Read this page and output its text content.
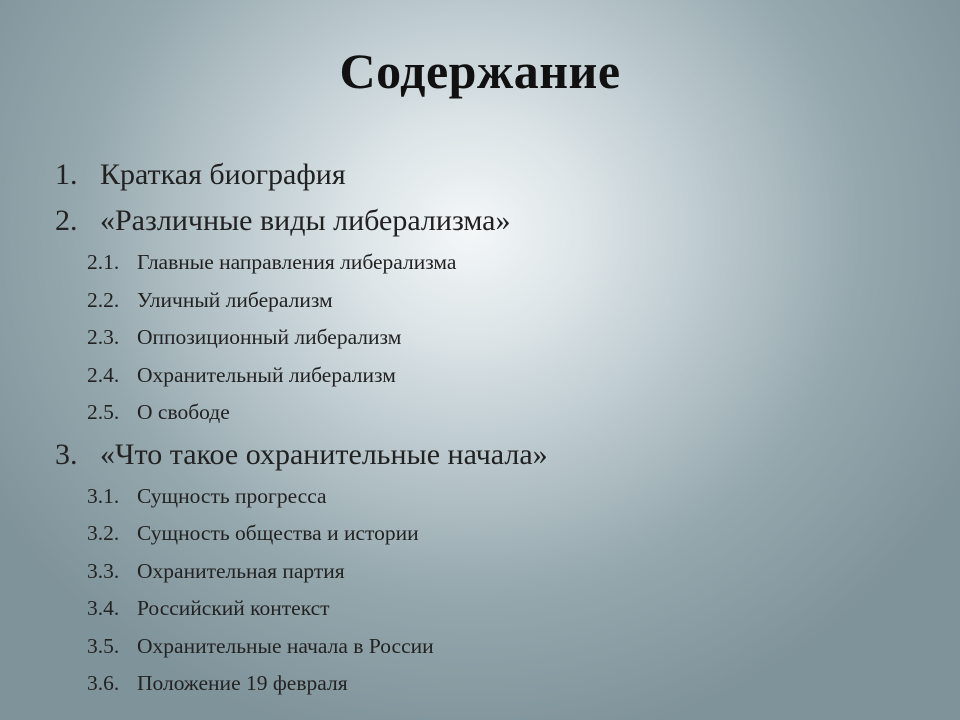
Содержание
1. Краткая биография
2. «Различные виды либерализма»
2.1. Главные направления либерализма
2.2. Уличный либерализм
2.3. Оппозиционный либерализм
2.4. Охранительный либерализм
2.5. О свободе
3. «Что такое охранительные начала»
3.1. Сущность прогресса
3.2. Сущность общества и истории
3.3. Охранительная партия
3.4. Российский контекст
3.5. Охранительные начала в России
3.6. Положение 19 февраля
